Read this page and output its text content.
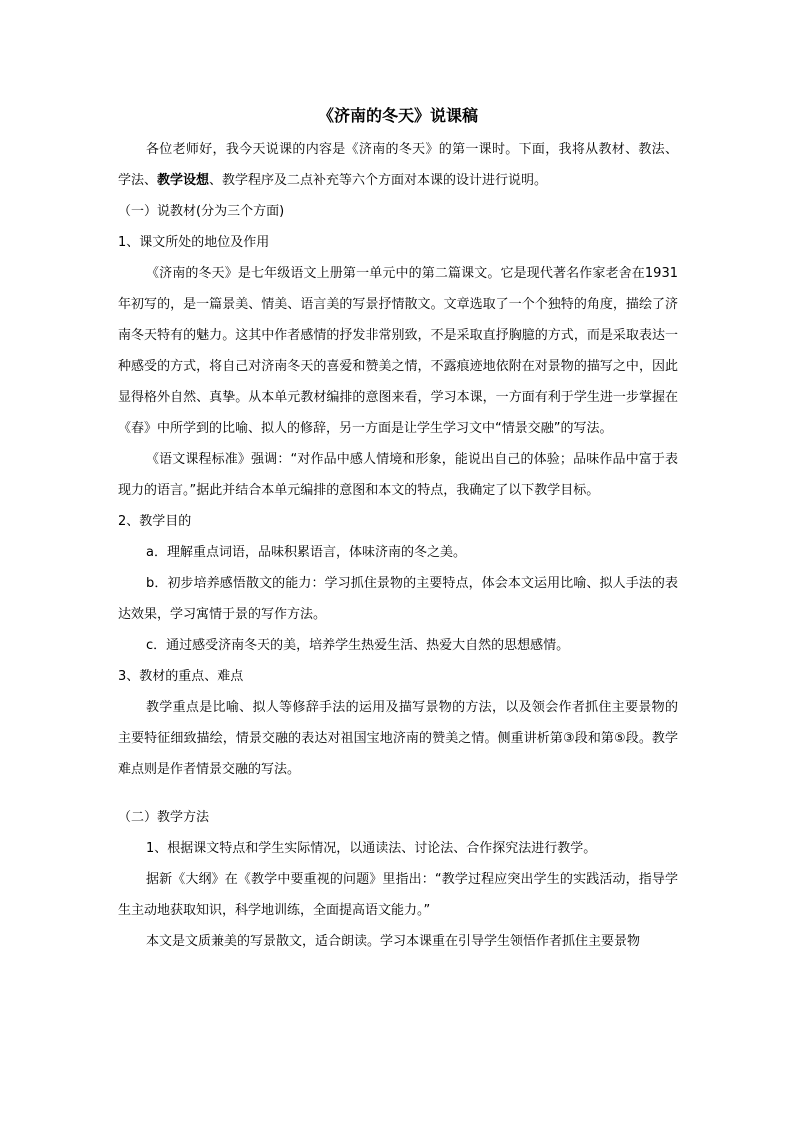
《济南的冬天》说课稿

各位老师好，我今天说课的内容是《济南的冬天》的第一课时。下面，我将从教材、教法、学法、教学设想、教学程序及二点补充等六个方面对本课的设计进行说明。

（一）说教材(分为三个方面)

1、课文所处的地位及作用

《济南的冬天》是七年级语文上册第一单元中的第二篇课文。它是现代著名作家老舍在1931年初写的，是一篇景美、情美、语言美的写景抒情散文。文章选取了一个个独特的角度，描绘了济南冬天特有的魅力。这其中作者感情的抒发非常别致，不是采取直抒胸臆的方式，而是采取表达一种感受的方式，将自己对济南冬天的喜爱和赞美之情，不露痕迹地依附在对景物的描写之中，因此显得格外自然、真挚。从本单元教材编排的意图来看，学习本课，一方面有利于学生进一步掌握在《春》中所学到的比喻、拟人的修辞，另一方面是让学生学习文中“情景交融”的写法。

《语文课程标准》强调：“对作品中感人情境和形象，能说出自己的体验；品味作品中富于表现力的语言。”据此并结合本单元编排的意图和本文的特点，我确定了以下教学目标。

2、教学目的

a．理解重点词语，品味积累语言，体味济南的冬之美。

b．初步培养感悟散文的能力：学习抓住景物的主要特点，体会本文运用比喻、拟人手法的表达效果，学习寓情于景的写作方法。

c．通过感受济南冬天的美，培养学生热爱生活、热爱大自然的思想感情。

3、教材的重点、难点

教学重点是比喻、拟人等修辞手法的运用及描写景物的方法，以及领会作者抓住主要景物的主要特征细致描绘，情景交融的表达对祖国宝地济南的赞美之情。侧重讲析第③段和第⑤段。教学难点则是作者情景交融的写法。

（二）教学方法

1、根据课文特点和学生实际情况，以通读法、讨论法、合作探究法进行教学。

据新《大纲》在《教学中要重视的问题》里指出：“教学过程应突出学生的实践活动，指导学生主动地获取知识，科学地训练，全面提高语文能力。”

本文是文质兼美的写景散文，适合朗读。学习本课重在引导学生领悟作者抓住主要景物
